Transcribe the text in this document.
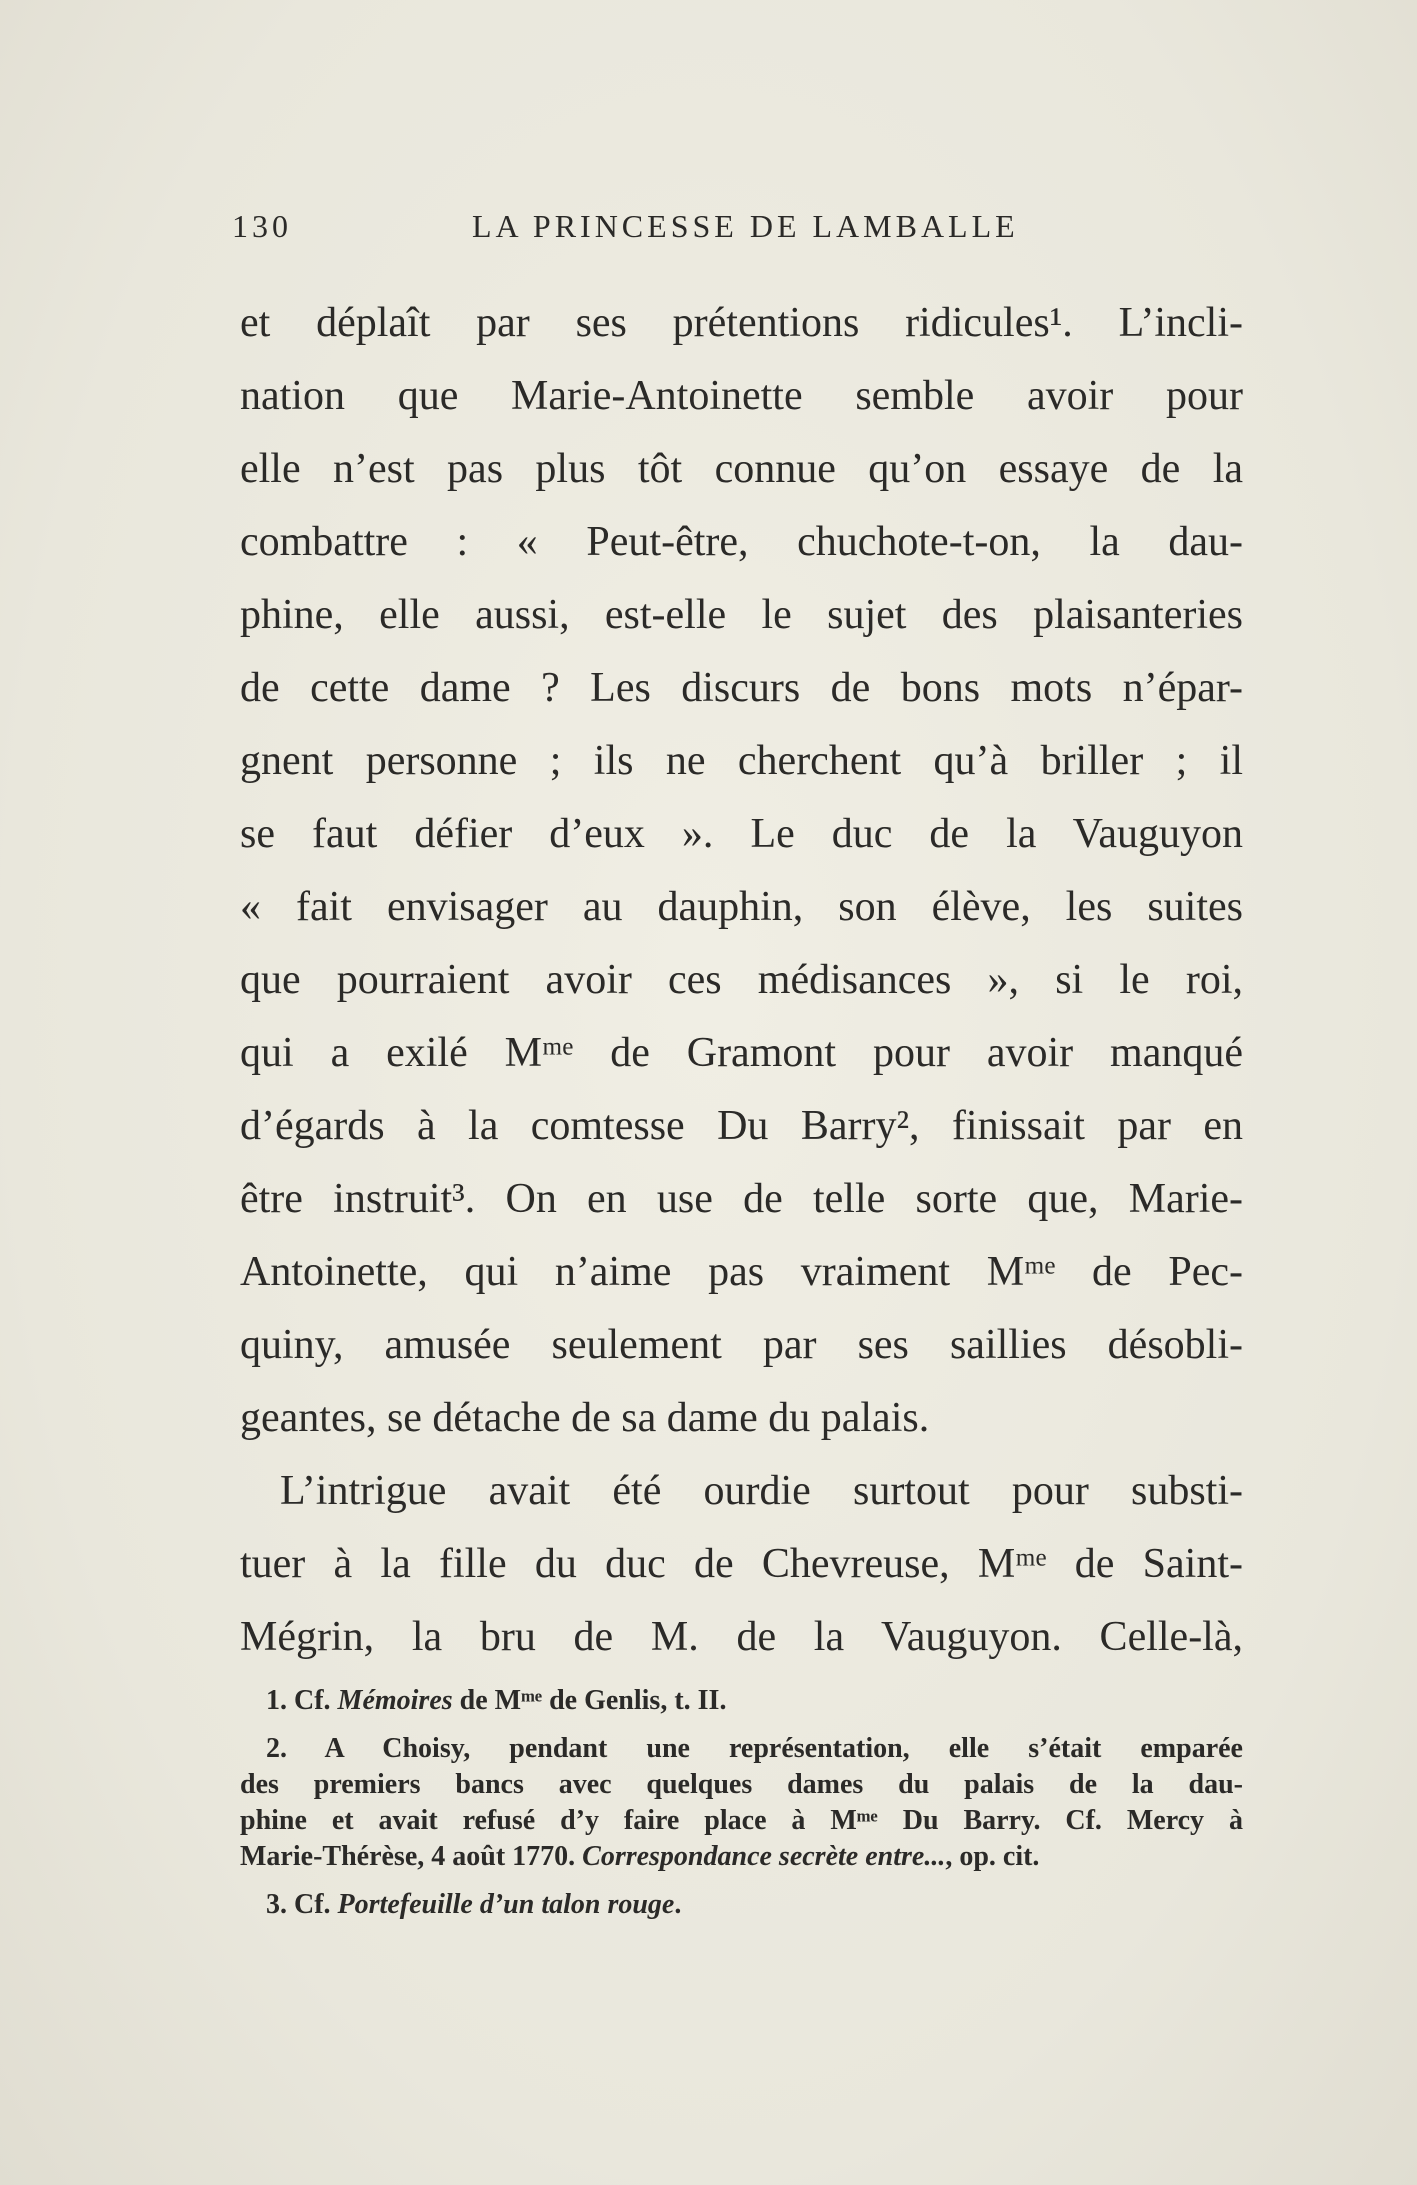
130	LA PRINCESSE DE LAMBALLE
et déplaît par ses prétentions ridicules¹. L’incli-
nation que Marie-Antoinette semble avoir pour
elle n’est pas plus tôt connue qu’on essaye de la
combattre : « Peut-être, chuchote-t-on, la dau-
phine, elle aussi, est-elle le sujet des plaisanteries
de cette dame ? Les discurs de bons mots n’épar-
gnent personne ; ils ne cherchent qu’à briller ; il
se faut défier d’eux ». Le duc de la Vauguyon
« fait envisager au dauphin, son élève, les suites
que pourraient avoir ces médisances », si le roi,
qui a exilé Mᵐᵉ de Gramont pour avoir manqué
d’égards à la comtesse Du Barry², finissait par en
être instruit³. On en use de telle sorte que, Marie-
Antoinette, qui n’aime pas vraiment Mᵐᵉ de Pec-
quiny, amusée seulement par ses saillies désobli-
geantes, se détache de sa dame du palais.
L’intrigue avait été ourdie surtout pour substi-
tuer à la fille du duc de Chevreuse, Mᵐᵉ de Saint-
Mégrin, la bru de M. de la Vauguyon. Celle-là,
1. Cf. Mémoires de Mᵐᵉ de Genlis, t. II.
2. A Choisy, pendant une représentation, elle s’était emparée
des premiers bancs avec quelques dames du palais de la dau-
phine et avait refusé d’y faire place à Mᵐᵉ Du Barry. Cf. Mercy à
Marie-Thérèse, 4 août 1770. Correspondance secrète entre..., op. cit.
3. Cf. Portefeuille d’un talon rouge.
